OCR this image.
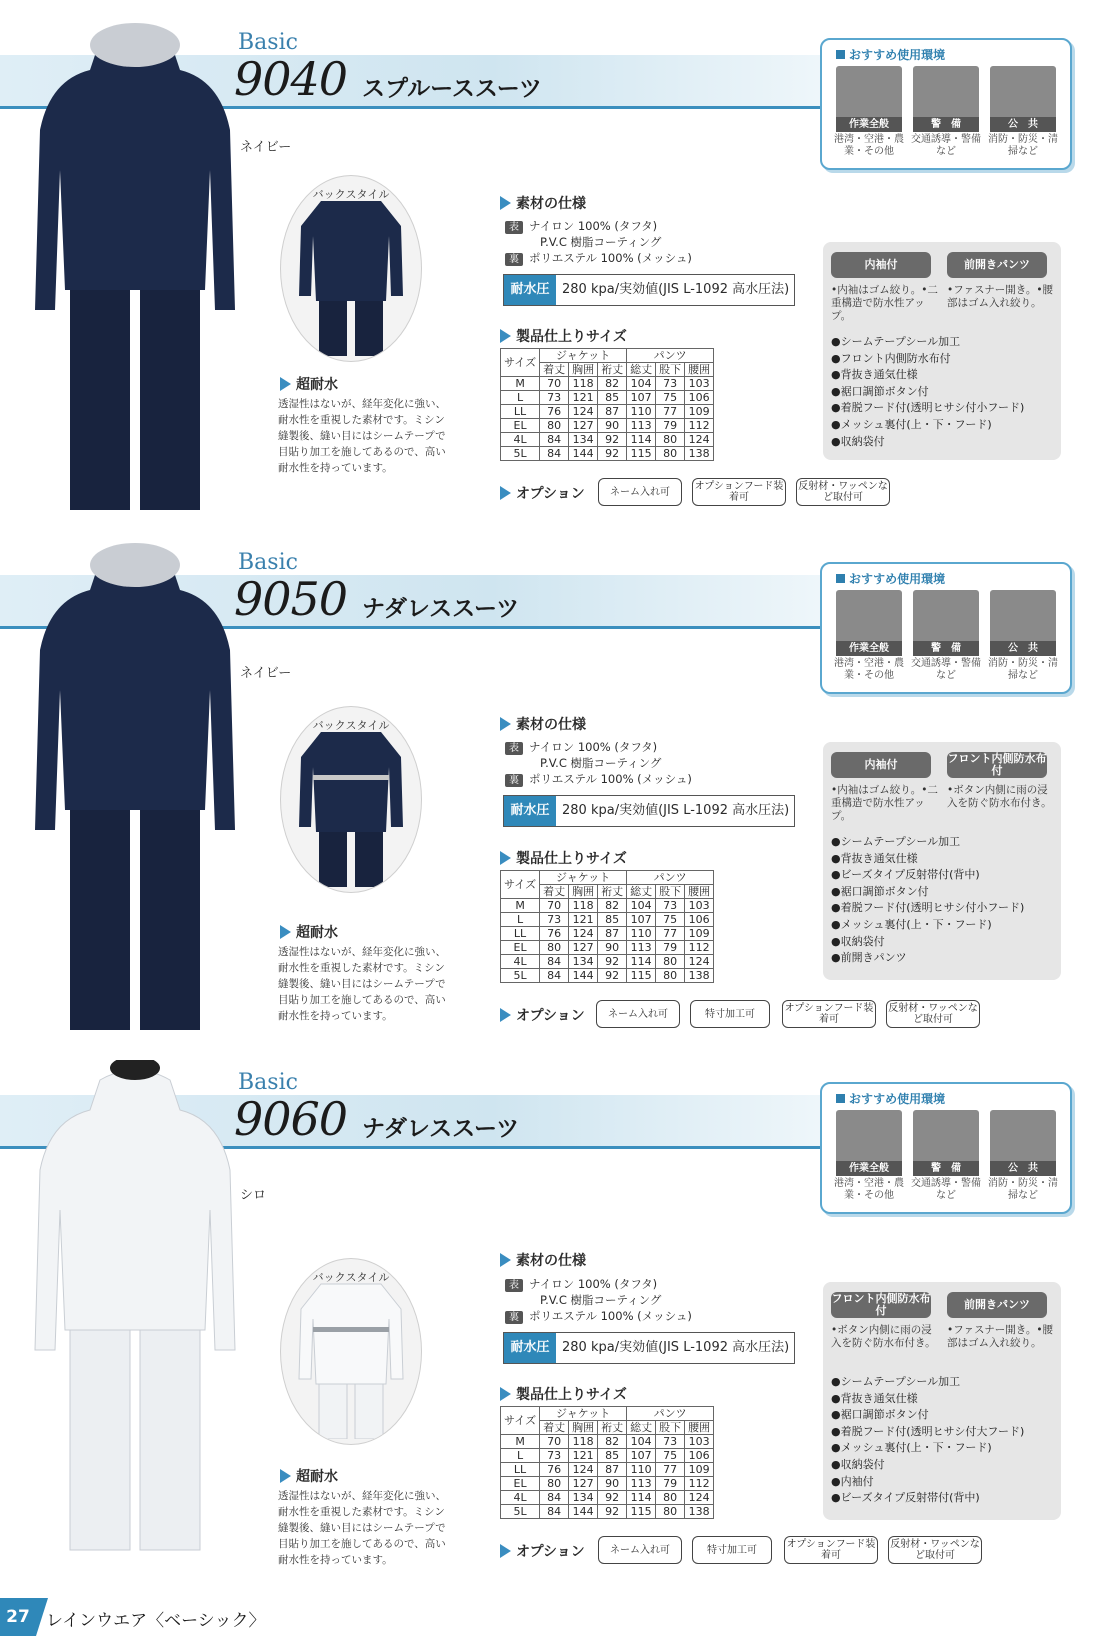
Basic
9040 スプルーススーツ
ネイビー
バックスタイル
超耐水
透湿性はないが、経年変化に強い、耐水性を重視した素材です。ミシン縫製後、縫い目にはシームテープで目貼り加工を施してあるので、高い耐水性を持っています。
素材の仕様
表 ナイロン 100% (タフタ)
P.V.C 樹脂コーティング
裏 ポリエステル 100% (メッシュ)
耐水圧 280 kpa/実効値(JIS L-1092 高水圧法)
製品仕上りサイズ
サイズ	ジャケット			パンツ		
	着丈	胸囲	裄丈	総丈	股下	腰囲
M	70	118	82	104	73	103
L	73	121	85	107	75	106
LL	76	124	87	110	77	109
EL	80	127	90	113	79	112
4L	84	134	92	114	80	124
5L	84	144	92	115	80	138
オプション	ネーム入れ可	オプションフード装着可
反射材・ワッペンなど取付可
おすすめ使用環境
作業全般	警　備	公　共
港湾・空港・農業・その他
交通誘導・警備など
消防・防災・清掃など
内袖付	前開きパンツ
•内袖はゴム絞り。•二重構造で防水性アップ。
•ファスナー開き。•腰部はゴム入れ絞り。
● シームテープシール加工
● フロント内側防水布付
● 背抜き通気仕様
● 裾口調節ボタン付
● 着脱フード付(透明ヒサシ付小フード)
● メッシュ裏付(上・下・フード)
● 収納袋付
Basic
9050 ナダレススーツ
ネイビー
バックスタイル
超耐水
透湿性はないが、経年変化に強い、耐水性を重視した素材です。ミシン縫製後、縫い目にはシームテープで目貼り加工を施してあるので、高い耐水性を持っています。
素材の仕様
表 ナイロン 100% (タフタ)
P.V.C 樹脂コーティング
裏 ポリエステル 100% (メッシュ)
耐水圧 280 kpa/実効値(JIS L-1092 高水圧法)
製品仕上りサイズ
サイズ	ジャケット			パンツ		
	着丈	胸囲	裄丈	総丈	股下	腰囲
M	70	118	82	104	73	103
L	73	121	85	107	75	106
LL	76	124	87	110	77	109
EL	80	127	90	113	79	112
4L	84	134	92	114	80	124
5L	84	144	92	115	80	138
オプション	ネーム入れ可	特寸加工可	オプションフード装着可
反射材・ワッペンなど取付可
おすすめ使用環境
作業全般	警　備	公　共
港湾・空港・農業・その他
交通誘導・警備など
消防・防災・清掃など
内袖付	フロント内側防水布付
•内袖はゴム絞り。•二重構造で防水性アップ。
•ボタン内側に雨の浸入を防ぐ防水布付き。
● シームテープシール加工
● 背抜き通気仕様
● ビーズタイプ反射帯付(背中)
● 裾口調節ボタン付
● 着脱フード付(透明ヒサシ付小フード)
● メッシュ裏付(上・下・フード)
● 収納袋付
● 前開きパンツ
Basic
9060 ナダレススーツ
シロ
バックスタイル
超耐水
透湿性はないが、経年変化に強い、耐水性を重視した素材です。ミシン縫製後、縫い目にはシームテープで目貼り加工を施してあるので、高い耐水性を持っています。
素材の仕様
表 ナイロン 100% (タフタ)
P.V.C 樹脂コーティング
裏 ポリエステル 100% (メッシュ)
耐水圧 280 kpa/実効値(JIS L-1092 高水圧法)
製品仕上りサイズ
サイズ	ジャケット			パンツ		
	着丈	胸囲	裄丈	総丈	股下	腰囲
M	70	118	82	104	73	103
L	73	121	85	107	75	106
LL	76	124	87	110	77	109
EL	80	127	90	113	79	112
4L	84	134	92	114	80	124
5L	84	144	92	115	80	138
オプション	ネーム入れ可	特寸加工可	オプションフード装着可
反射材・ワッペンなど取付可
おすすめ使用環境
作業全般	警　備	公　共
港湾・空港・農業・その他
交通誘導・警備など
消防・防災・清掃など
フロント内側防水布付	前開きパンツ
•ボタン内側に雨の浸入を防ぐ防水布付き。
•ファスナー開き。•腰部はゴム入れ絞り。
● シームテープシール加工
● 背抜き通気仕様
● 裾口調節ボタン付
● 着脱フード付(透明ヒサシ付大フード)
● メッシュ裏付(上・下・フード)
● 収納袋付
● 内袖付
● ビーズタイプ反射帯付(背中)
27 レインウエア〈ベーシック〉
